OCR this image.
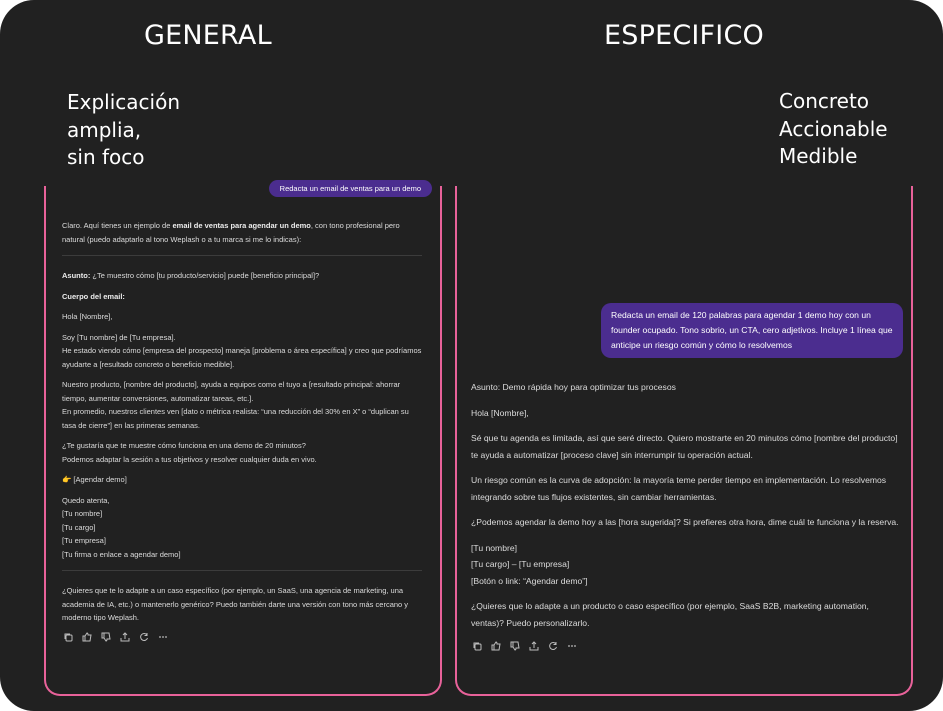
GENERAL	ESPECIFICO
Explicación
amplia,
sin foco
Concreto
Accionable
Medible
Redacta un email de ventas para un demo
Claro. Aquí tienes un ejemplo de email de ventas para agendar un demo, con tono profesional pero natural (puedo adaptarlo al tono Weplash o a tu marca si me lo indicas):
Asunto: ¿Te muestro cómo [tu producto/servicio] puede [beneficio principal]?
Cuerpo del email:
Hola [Nombre],
Soy [Tu nombre] de [Tu empresa].
He estado viendo cómo [empresa del prospecto] maneja [problema o área específica] y creo que podríamos ayudarte a [resultado concreto o beneficio medible].
Nuestro producto, [nombre del producto], ayuda a equipos como el tuyo a [resultado principal: ahorrar tiempo, aumentar conversiones, automatizar tareas, etc.].
En promedio, nuestros clientes ven [dato o métrica realista: “una reducción del 30% en X” o “duplican su tasa de cierre”] en las primeras semanas.
¿Te gustaría que te muestre cómo funciona en una demo de 20 minutos?
Podemos adaptar la sesión a tus objetivos y resolver cualquier duda en vivo.
👉 [Agendar demo]
Quedo atenta,
[Tu nombre]
[Tu cargo]
[Tu empresa]
[Tu firma o enlace a agendar demo]
¿Quieres que te lo adapte a un caso específico (por ejemplo, un SaaS, una agencia de marketing, una academia de IA, etc.) o mantenerlo genérico? Puedo también darte una versión con tono más cercano y moderno tipo Weplash.
Redacta un email de 120 palabras para agendar 1 demo hoy con un founder ocupado. Tono sobrio, un CTA, cero adjetivos. Incluye 1 línea que anticipe un riesgo común y cómo lo resolvemos
Asunto: Demo rápida hoy para optimizar tus procesos
Hola [Nombre],
Sé que tu agenda es limitada, así que seré directo. Quiero mostrarte en 20 minutos cómo [nombre del producto] te ayuda a automatizar [proceso clave] sin interrumpir tu operación actual.
Un riesgo común es la curva de adopción: la mayoría teme perder tiempo en implementación. Lo resolvemos integrando sobre tus flujos existentes, sin cambiar herramientas.
¿Podemos agendar la demo hoy a las [hora sugerida]? Si prefieres otra hora, dime cuál te funciona y la reserva.
[Tu nombre]
[Tu cargo] – [Tu empresa]
[Botón o link: “Agendar demo”]
¿Quieres que lo adapte a un producto o caso específico (por ejemplo, SaaS B2B, marketing automation, ventas)? Puedo personalizarlo.
